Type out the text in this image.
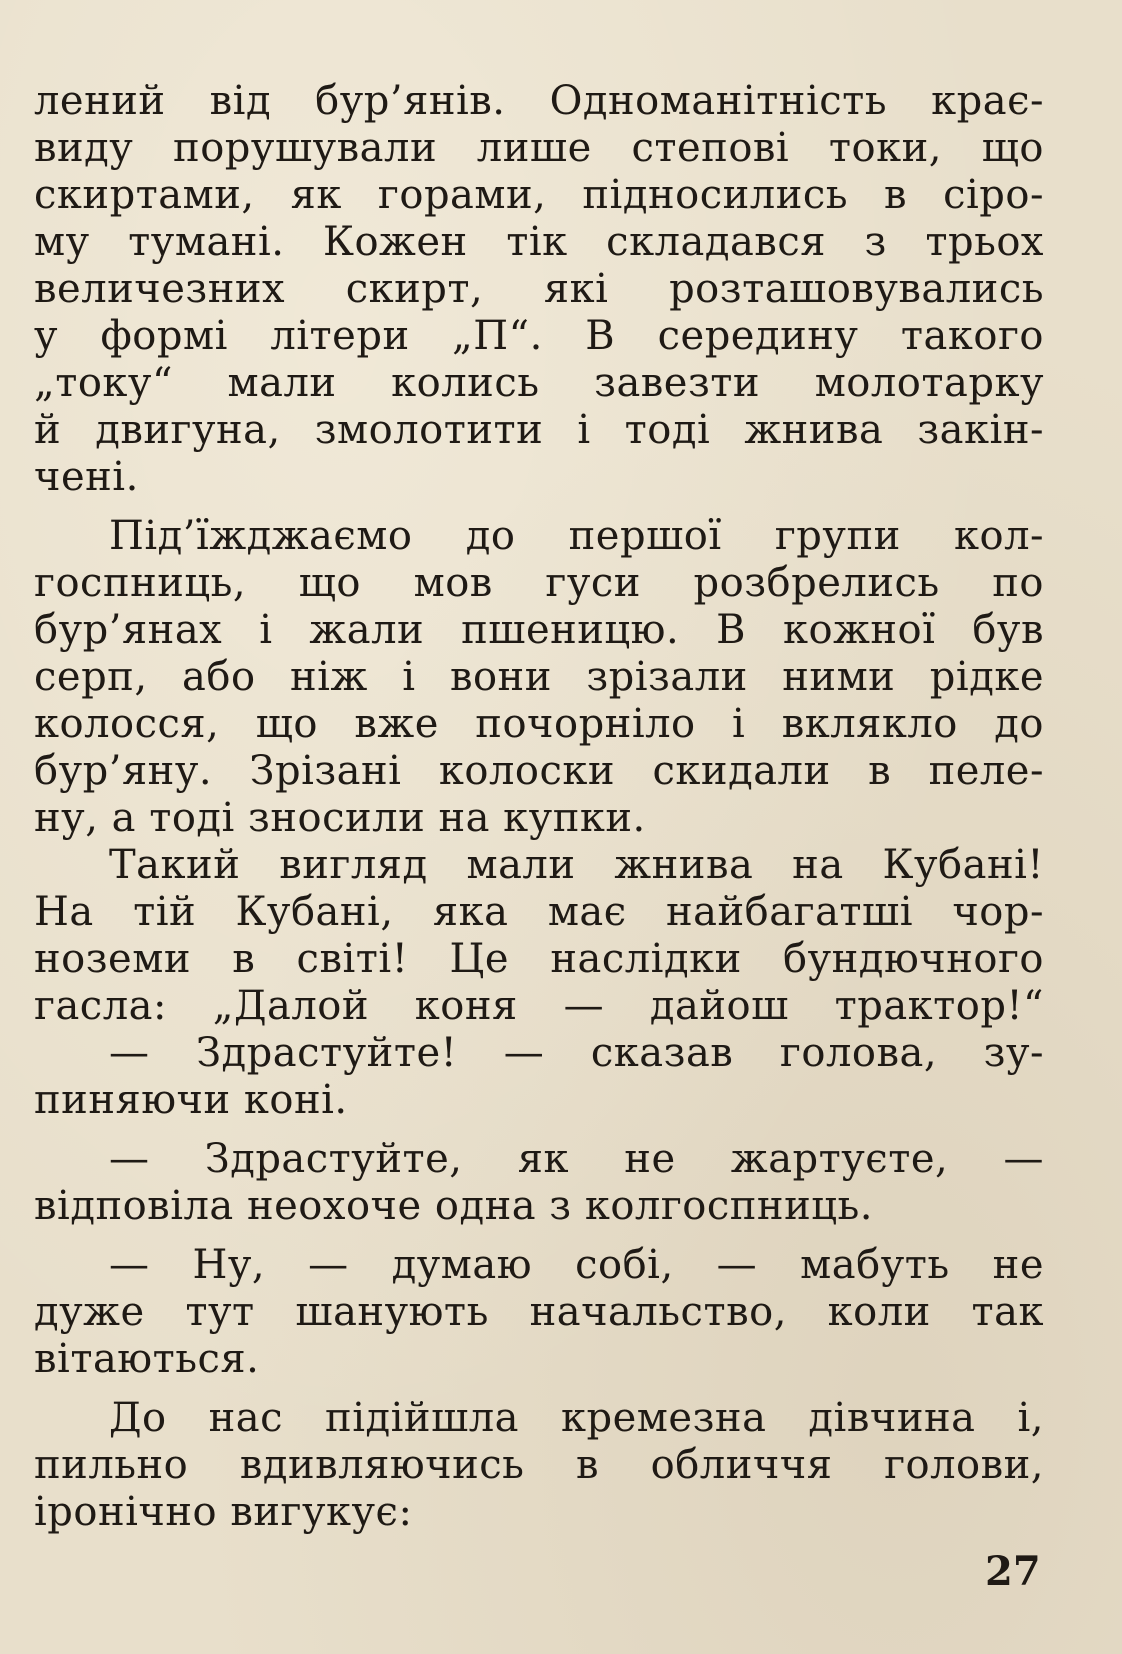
лений від бур’янів. Одноманітність крає-
виду порушували лише степові токи, що
скиртами, як горами, підносились в сіро-
му тумані. Кожен тік складався з трьох
величезних скирт, які розташовувались
у формі літери „П“. В середину такого
„току“ мали колись завезти молотарку
й двигуна, змолотити і тоді жнива закін-
чені.
Під’їжджаємо до першої групи кол-
госпниць, що мов гуси розбрелись по
бур’янах і жали пшеницю. В кожної був
серп, або ніж і вони зрізали ними рідке
колосся, що вже почорніло і вклякло до
бур’яну. Зрізані колоски скидали в пеле-
ну, а тоді зносили на купки.
Такий вигляд мали жнива на Кубані!
На тій Кубані, яка має найбагатші чор-
ноземи в світі! Це наслідки бундючного
гасла: „Далой коня — дайош трактор!“
— Здрастуйте! — сказав голова, зу-
пиняючи коні.
— Здрастуйте, як не жартуєте, —
відповіла неохоче одна з колгоспниць.
— Ну, — думаю собі, — мабуть не
дуже тут шанують начальство, коли так
вітаються.
До нас підійшла кремезна дівчина і,
пильно вдивляючись в обличчя голови,
іронічно вигукує:
27
